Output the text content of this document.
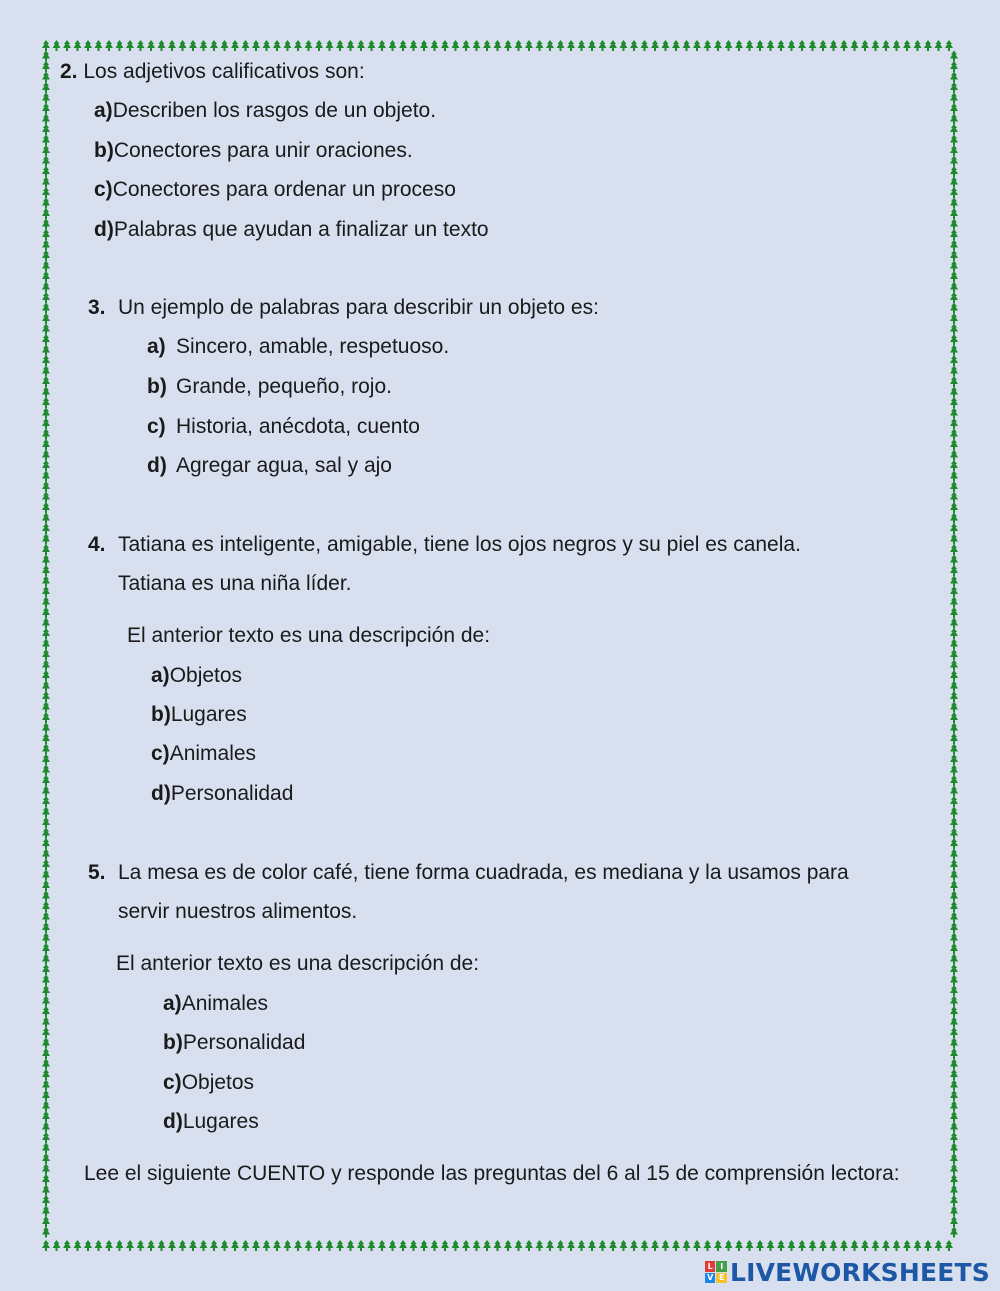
2. Los adjetivos calificativos son:
a)Describen los rasgos de un objeto.
b)Conectores para unir oraciones.
c)Conectores para ordenar un proceso
d)Palabras que ayudan a finalizar un texto
3. Un ejemplo de palabras para describir un objeto es:
a) Sincero, amable, respetuoso.
b) Grande, pequeño, rojo.
c) Historia, anécdota, cuento
d) Agregar agua, sal y ajo
4. Tatiana es inteligente, amigable, tiene los ojos negros y su piel es canela.
Tatiana es una niña líder.
El anterior texto es una descripción de:
a)Objetos
b)Lugares
c)Animales
d)Personalidad
5. La mesa es de color café, tiene forma cuadrada, es mediana y la usamos para
servir nuestros alimentos.
El anterior texto es una descripción de:
a)Animales
b)Personalidad
c)Objetos
d)Lugares
Lee el siguiente CUENTO y responde las preguntas del 6 al 15 de comprensión lectora:
L I
V E LIVEWORKSHEETS
